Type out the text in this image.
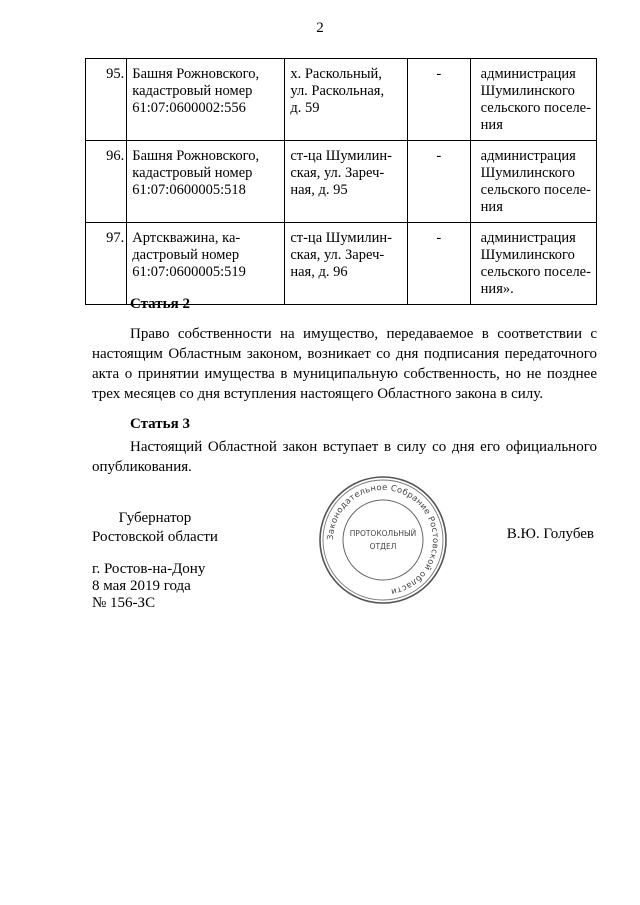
2
95.	Башня Рожновского,
кадастровый номер
61:07:0600002:556	х. Раскольный,
ул. Раскольная,
д. 59	-	администрация
Шумилинского
сельского поселе-
ния

96.	Башня Рожновского,
кадастровый номер
61:07:0600005:518	ст-ца Шумилин-
ская, ул. Зареч-
ная, д. 95	-	администрация
Шумилинского
сельского поселе-
ния

97.	Артскважина, ка-
дастровый номер
61:07:0600005:519	ст-ца Шумилин-
ская, ул. Зареч-
ная, д. 96	-	администрация
Шумилинского
сельского поселе-
ния».
Статья 2
Право собственности на имущество, передаваемое в соответствии с
настоящим Областным законом, возникает со дня подписания передаточного
акта о принятии имущества в муниципальную собственность, но не позднее
трех месяцев со дня вступления настоящего Областного закона в силу.
Статья 3
Настоящий Областной закон вступает в силу со дня его официального
опубликования.
Губернатор
Ростовской области	В.Ю. Голубев
г. Ростов-на-Дону
8 мая 2019 года
№ 156-ЗС
Законодательное Собрание Ростовской области
ПРОТОКОЛЬНЫЙ
ОТДЕЛ
